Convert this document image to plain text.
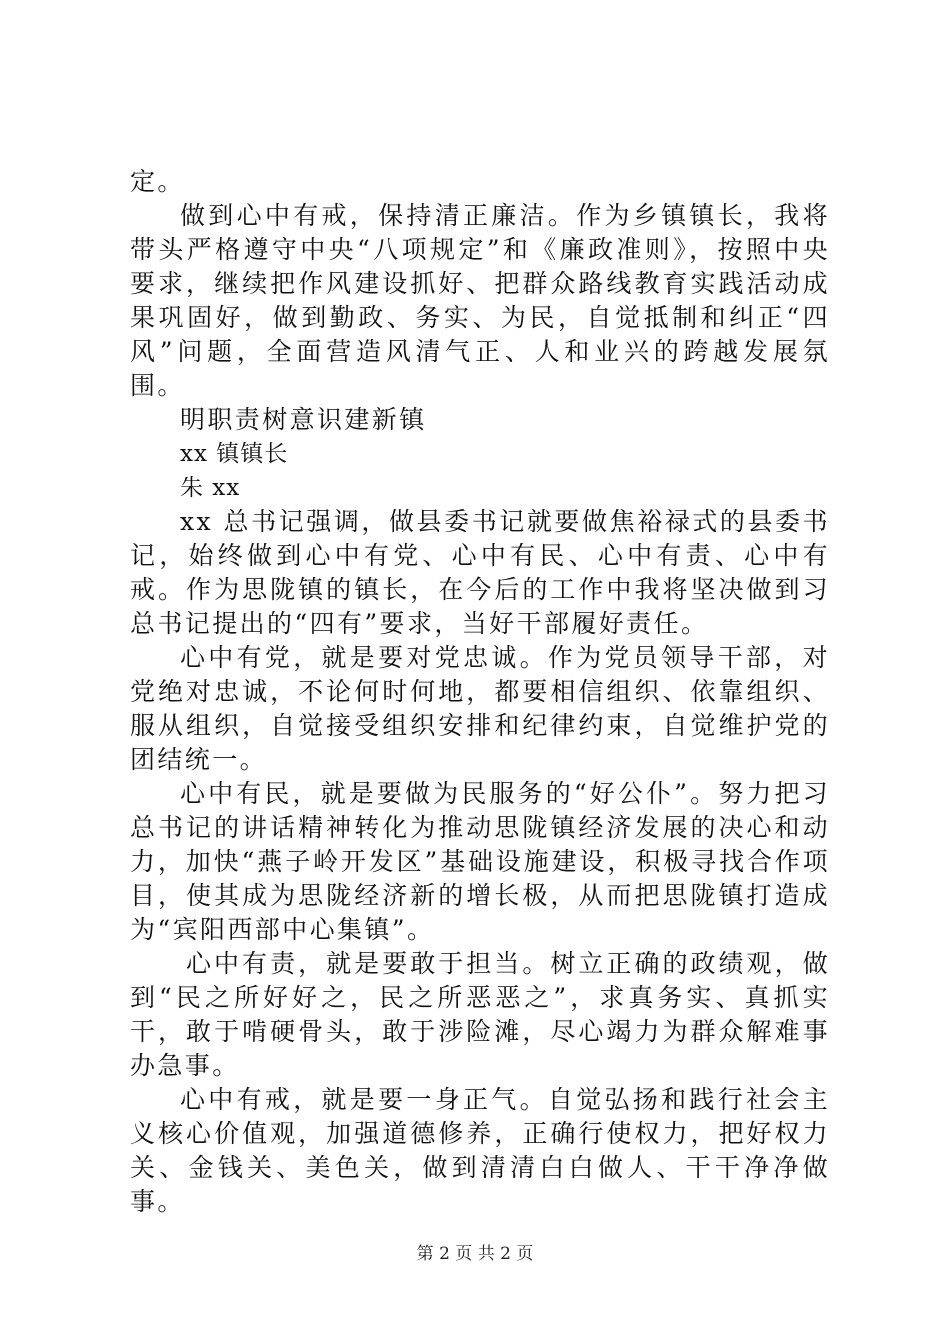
定。

做到心中有戒，保持清正廉洁。作为乡镇镇长，我将带头严格遵守中央“八项规定”和《廉政准则》，按照中央要求，继续把作风建设抓好、把群众路线教育实践活动成果巩固好，做到勤政、务实、为民，自觉抵制和纠正“四风”问题，全面营造风清气正、人和业兴的跨越发展氛围。

明职责树意识建新镇

xx 镇镇长

朱 xx

xx 总书记强调，做县委书记就要做焦裕禄式的县委书记，始终做到心中有党、心中有民、心中有责、心中有戒。作为思陇镇的镇长，在今后的工作中我将坚决做到习总书记提出的“四有”要求，当好干部履好责任。

心中有党，就是要对党忠诚。作为党员领导干部，对党绝对忠诚，不论何时何地，都要相信组织、依靠组织、服从组织，自觉接受组织安排和纪律约束，自觉维护党的团结统一。

心中有民，就是要做为民服务的“好公仆”。努力把习总书记的讲话精神转化为推动思陇镇经济发展的决心和动力，加快“燕子岭开发区”基础设施建设，积极寻找合作项目，使其成为思陇经济新的增长极，从而把思陇镇打造成为“宾阳西部中心集镇”。

心中有责，就是要敢于担当。树立正确的政绩观，做到“民之所好好之，民之所恶恶之”，求真务实、真抓实干，敢于啃硬骨头，敢于涉险滩，尽心竭力为群众解难事办急事。

心中有戒，就是要一身正气。自觉弘扬和践行社会主义核心价值观，加强道德修养，正确行使权力，把好权力关、金钱关、美色关，做到清清白白做人、干干净净做事。

第 2 页 共 2 页
